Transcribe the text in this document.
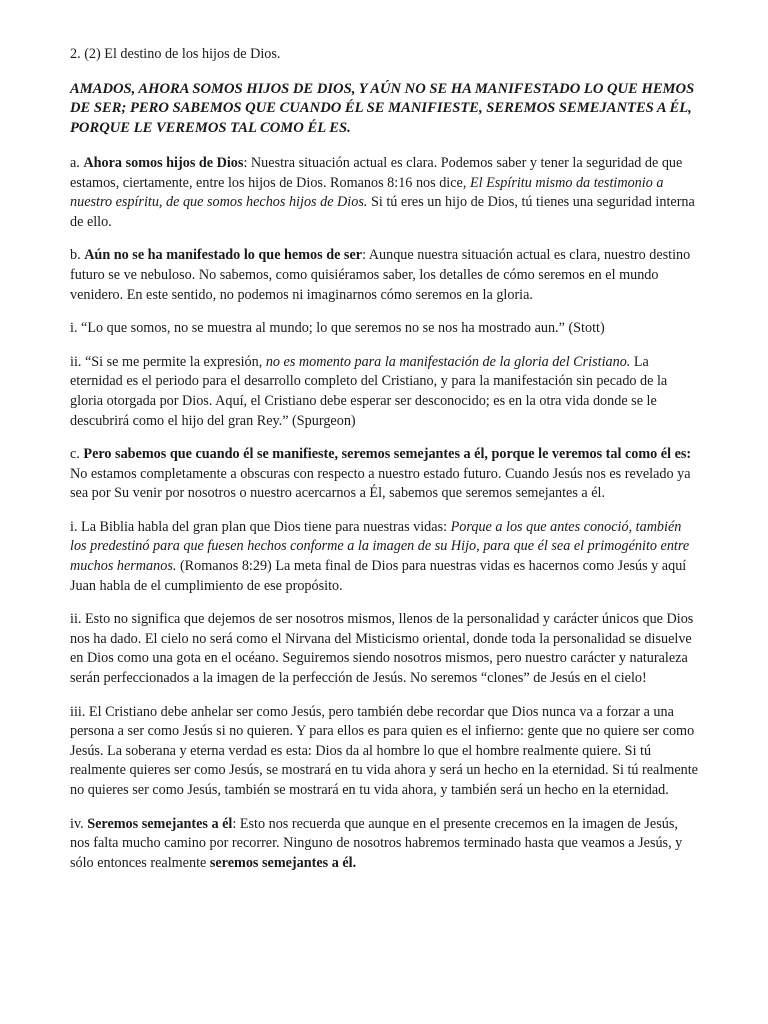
2. (2) El destino de los hijos de Dios.

AMADOS, AHORA SOMOS HIJOS DE DIOS, Y AÚN NO SE HA MANIFESTADO LO QUE HEMOS DE SER; PERO SABEMOS QUE CUANDO ÉL SE MANIFIESTE, SEREMOS SEMEJANTES A ÉL, PORQUE LE VEREMOS TAL COMO ÉL ES.

a. Ahora somos hijos de Dios: Nuestra situación actual es clara. Podemos saber y tener la seguridad de que estamos, ciertamente, entre los hijos de Dios. Romanos 8:16 nos dice, El Espíritu mismo da testimonio a nuestro espíritu, de que somos hechos hijos de Dios. Si tú eres un hijo de Dios, tú tienes una seguridad interna de ello.

b. Aún no se ha manifestado lo que hemos de ser: Aunque nuestra situación actual es clara, nuestro destino futuro se ve nebuloso. No sabemos, como quisiéramos saber, los detalles de cómo seremos en el mundo venidero. En este sentido, no podemos ni imaginarnos cómo seremos en la gloria.

i. “Lo que somos, no se muestra al mundo; lo que seremos no se nos ha mostrado aun.” (Stott)

ii. “Si se me permite la expresión, no es momento para la manifestación de la gloria del Cristiano. La eternidad es el periodo para el desarrollo completo del Cristiano, y para la manifestación sin pecado de la gloria otorgada por Dios. Aquí, el Cristiano debe esperar ser desconocido; es en la otra vida donde se le descubrirá como el hijo del gran Rey.” (Spurgeon)

c. Pero sabemos que cuando él se manifieste, seremos semejantes a él, porque le veremos tal como él es: No estamos completamente a obscuras con respecto a nuestro estado futuro. Cuando Jesús nos es revelado ya sea por Su venir por nosotros o nuestro acercarnos a Él, sabemos que seremos semejantes a él.

i. La Biblia habla del gran plan que Dios tiene para nuestras vidas: Porque a los que antes conoció, también los predestinó para que fuesen hechos conforme a la imagen de su Hijo, para que él sea el primogénito entre muchos hermanos. (Romanos 8:29) La meta final de Dios para nuestras vidas es hacernos como Jesús y aquí Juan habla de el cumplimiento de ese propósito.

ii. Esto no significa que dejemos de ser nosotros mismos, llenos de la personalidad y carácter únicos que Dios nos ha dado. El cielo no será como el Nirvana del Misticismo oriental, donde toda la personalidad se disuelve en Dios como una gota en el océano. Seguiremos siendo nosotros mismos, pero nuestro carácter y naturaleza serán perfeccionados a la imagen de la perfección de Jesús. No seremos “clones” de Jesús en el cielo!

iii. El Cristiano debe anhelar ser como Jesús, pero también debe recordar que Dios nunca va a forzar a una persona a ser como Jesús si no quieren. Y para ellos es para quien es el infierno: gente que no quiere ser como Jesús. La soberana y eterna verdad es esta: Dios da al hombre lo que el hombre realmente quiere. Si tú realmente quieres ser como Jesús, se mostrará en tu vida ahora y será un hecho en la eternidad. Si tú realmente no quieres ser como Jesús, también se mostrará en tu vida ahora, y también será un hecho en la eternidad.

iv. Seremos semejantes a él: Esto nos recuerda que aunque en el presente crecemos en la imagen de Jesús, nos falta mucho camino por recorrer. Ninguno de nosotros habremos terminado hasta que veamos a Jesús, y sólo entonces realmente seremos semejantes a él.
